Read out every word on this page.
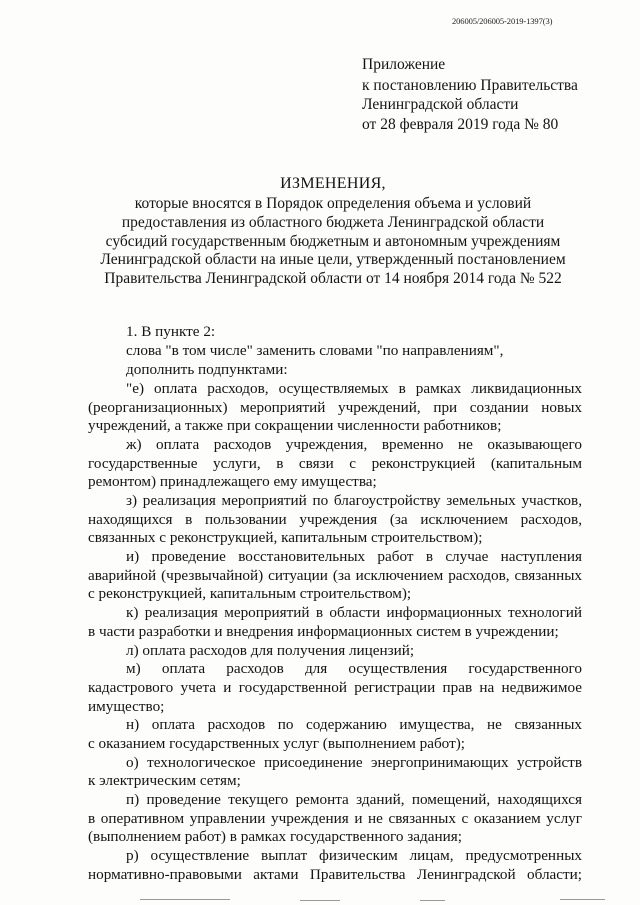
206005/206005-2019-1397(3)
Приложение
к постановлению Правительства
Ленинградской области
от 28 февраля 2019 года № 80
ИЗМЕНЕНИЯ,
которые вносятся в Порядок определения объема и условий
предоставления из областного бюджета Ленинградской области
субсидий государственным бюджетным и автономным учреждениям
Ленинградской области на иные цели, утвержденный постановлением
Правительства Ленинградской области от 14 ноября 2014 года № 522
1. В пункте 2:
слова "в том числе" заменить словами "по направлениям",
дополнить подпунктами:
"е) оплата расходов, осуществляемых в рамках ликвидационных
(реорганизационных) мероприятий учреждений, при создании новых
учреждений, а также при сокращении численности работников;
ж) оплата расходов учреждения, временно не оказывающего
государственные услуги, в связи с реконструкцией (капитальным
ремонтом) принадлежащего ему имущества;
з) реализация мероприятий по благоустройству земельных участков,
находящихся в пользовании учреждения (за исключением расходов,
связанных с реконструкцией, капитальным строительством);
и) проведение восстановительных работ в случае наступления
аварийной (чрезвычайной) ситуации (за исключением расходов, связанных
с реконструкцией, капитальным строительством);
к) реализация мероприятий в области информационных технологий
в части разработки и внедрения информационных систем в учреждении;
л) оплата расходов для получения лицензий;
м) оплата расходов для осуществления государственного
кадастрового учета и государственной регистрации прав на недвижимое
имущество;
н) оплата расходов по содержанию имущества, не связанных
с оказанием государственных услуг (выполнением работ);
о) технологическое присоединение энергопринимающих устройств
к электрическим сетям;
п) проведение текущего ремонта зданий, помещений, находящихся
в оперативном управлении учреждения и не связанных с оказанием услуг
(выполнением работ) в рамках государственного задания;
р) осуществление выплат физическим лицам, предусмотренных
нормативно-правовыми актами Правительства Ленинградской области;
